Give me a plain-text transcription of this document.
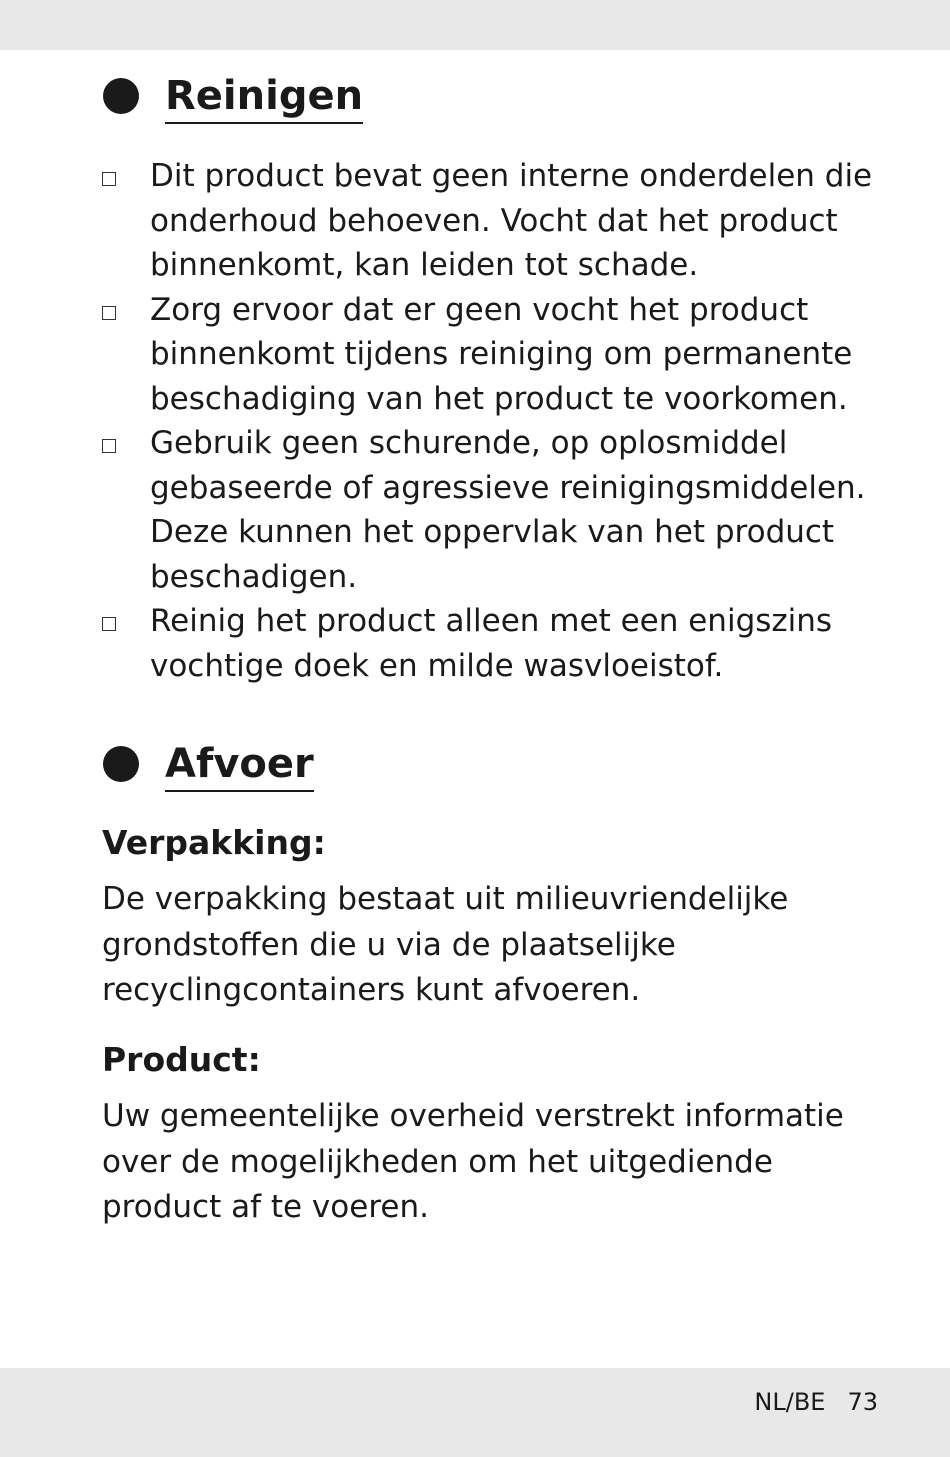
Reinigen
Dit product bevat geen interne onderdelen die onderhoud behoeven. Vocht dat het product binnenkomt, kan leiden tot schade.
Zorg ervoor dat er geen vocht het product binnenkomt tijdens reiniging om permanente beschadiging van het product te voorkomen.
Gebruik geen schurende, op oplosmiddel gebaseerde of agressieve reinigingsmiddelen. Deze kunnen het oppervlak van het product beschadigen.
Reinig het product alleen met een enigszins vochtige doek en milde wasvloeistof.
Afvoer
Verpakking:
De verpakking bestaat uit milieuvriendelijke grondstoffen die u via de plaatselijke recyclingcontainers kunt afvoeren.
Product:
Uw gemeentelijke overheid verstrekt informatie over de mogelijkheden om het uitgediende product af te voeren.
NL/BE 73
